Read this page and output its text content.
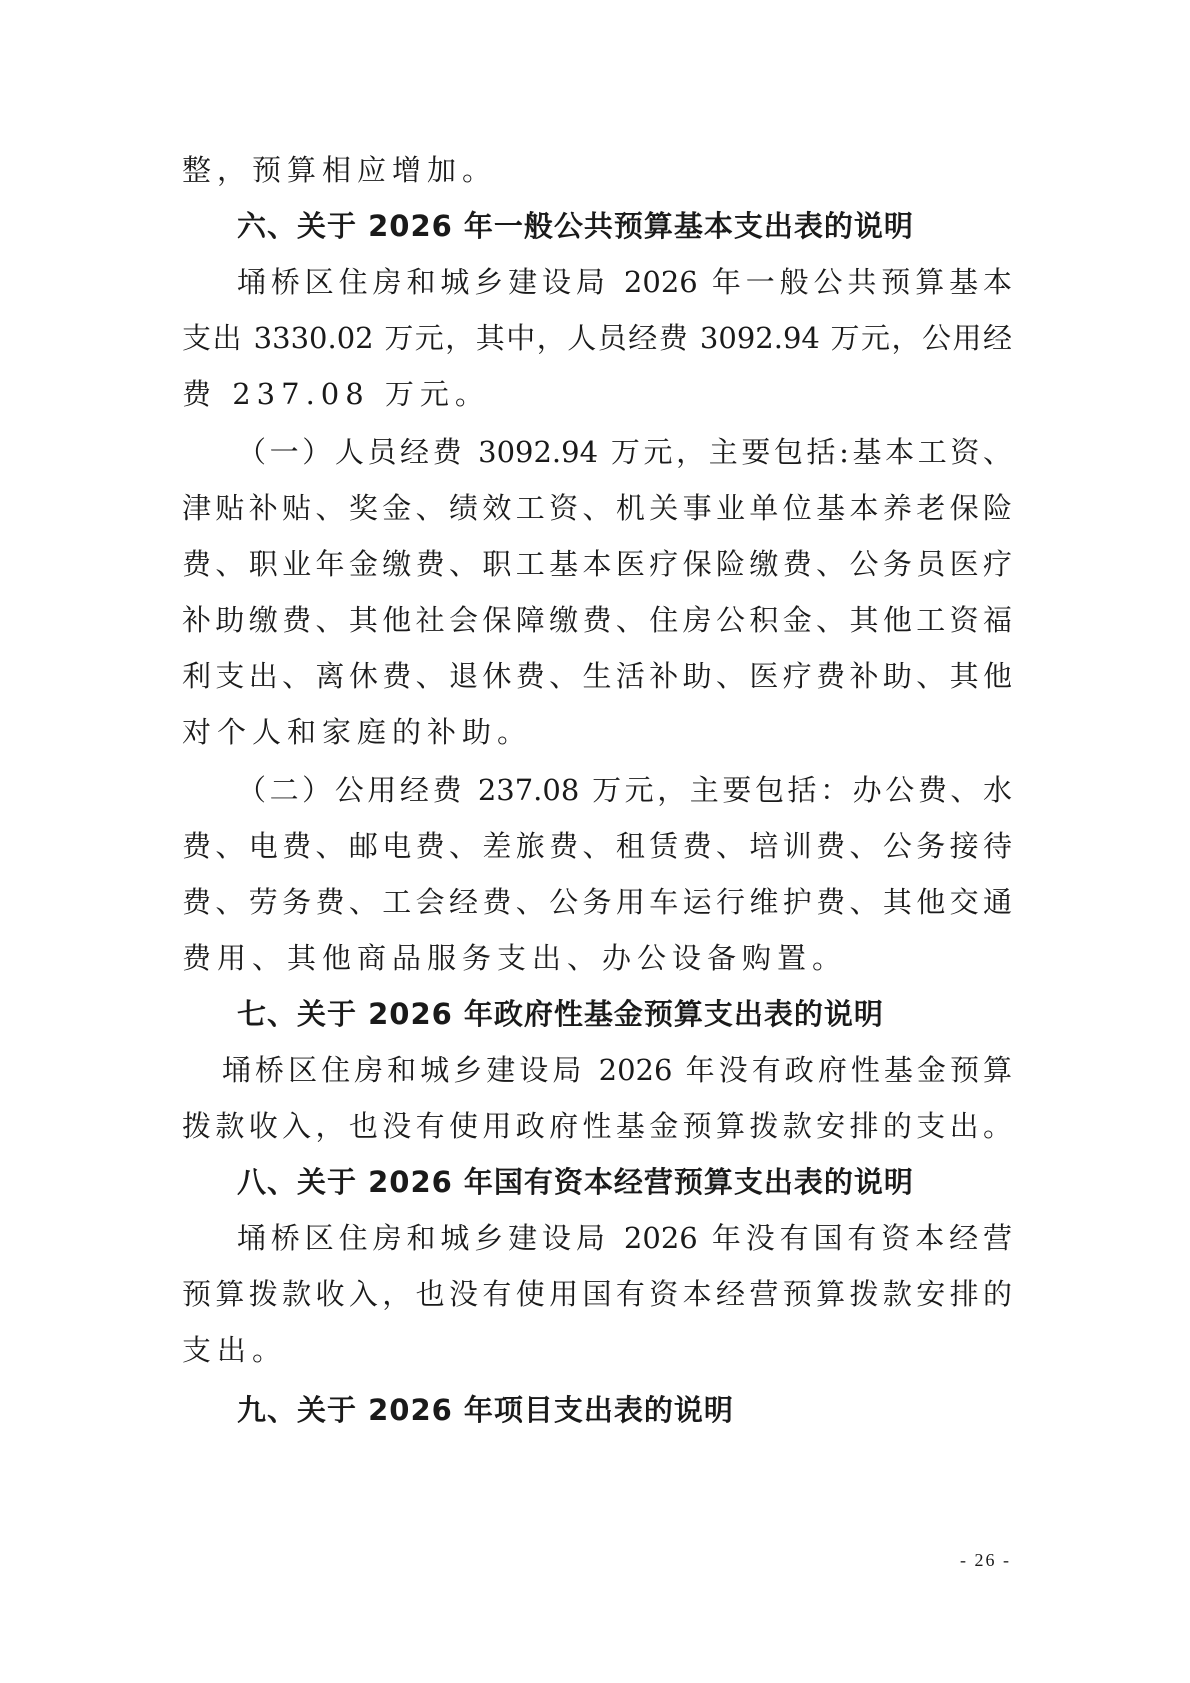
整，预算相应增加。
六、关于 2026 年一般公共预算基本支出表的说明
埇桥区住房和城乡建设局 2026 年一般公共预算基本
支出 3330.02 万元，其中，人员经费 3092.94 万元，公用经
费 237.08 万元。
（一）人员经费 3092.94 万元，主要包括:基本工资、
津贴补贴、奖金、绩效工资、机关事业单位基本养老保险
费、职业年金缴费、职工基本医疗保险缴费、公务员医疗
补助缴费、其他社会保障缴费、住房公积金、其他工资福
利支出、离休费、退休费、生活补助、医疗费补助、其他
对个人和家庭的补助。
（二）公用经费 237.08 万元，主要包括：办公费、水
费、电费、邮电费、差旅费、租赁费、培训费、公务接待
费、劳务费、工会经费、公务用车运行维护费、其他交通
费用、其他商品服务支出、办公设备购置。
七、关于 2026 年政府性基金预算支出表的说明
埇桥区住房和城乡建设局 2026 年没有政府性基金预算
拨款收入，也没有使用政府性基金预算拨款安排的支出。
八、关于 2026 年国有资本经营预算支出表的说明
埇桥区住房和城乡建设局 2026 年没有国有资本经营
预算拨款收入，也没有使用国有资本经营预算拨款安排的
支出。
九、关于 2026 年项目支出表的说明
- 26 -
